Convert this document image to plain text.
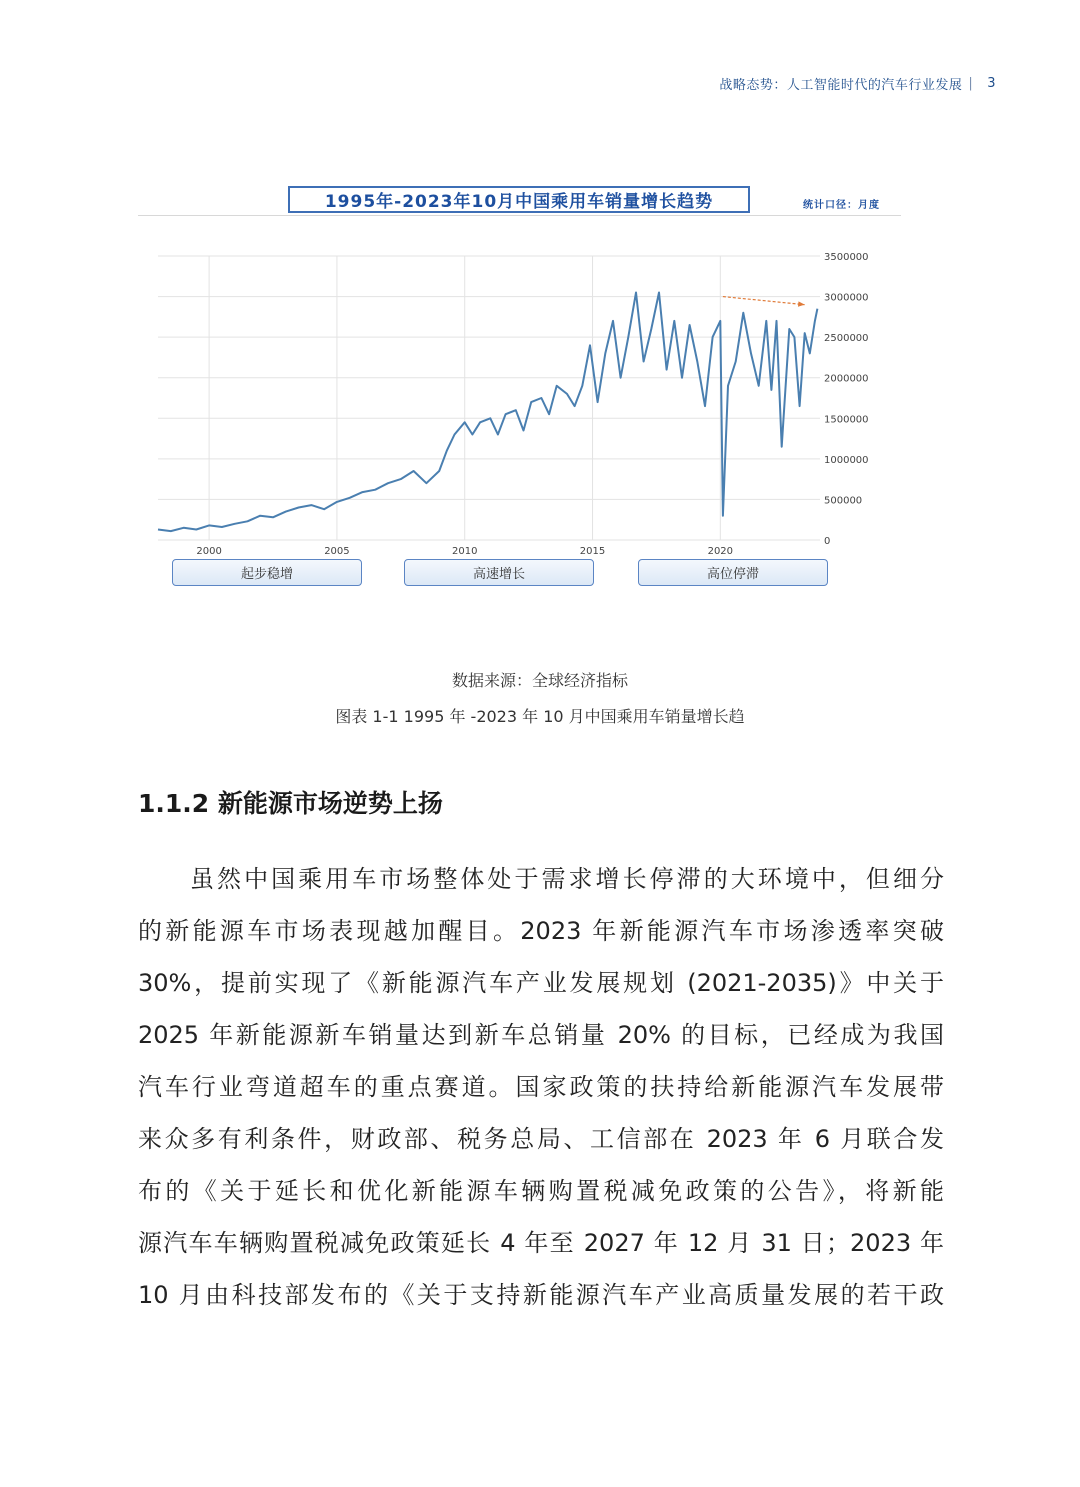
战略态势：人工智能时代的汽车行业发展 | 3
1995年-2023年10月中国乘用车销量增长趋势	统计口径：月度
3500000
3000000
2500000
2000000
1500000
1000000
500000
0
2000	2005	2010	2015	2020
起步稳增	高速增长	高位停滞
数据来源：全球经济指标
图表 1-1 1995 年 -2023 年 10 月中国乘用车销量增长趋
1.1.2 新能源市场逆势上扬
虽然中国乘用车市场整体处于需求增长停滞的大环境中，但细分
的新能源车市场表现越加醒目。2023 年新能源汽车市场渗透率突破
30%，提前实现了《新能源汽车产业发展规划 (2021-2035)》中关于
2025 年新能源新车销量达到新车总销量 20% 的目标，已经成为我国
汽车行业弯道超车的重点赛道。国家政策的扶持给新能源汽车发展带
来众多有利条件，财政部、税务总局、工信部在 2023 年 6 月联合发
布的《关于延长和优化新能源车辆购置税减免政策的公告》，将新能
源汽车车辆购置税减免政策延长 4 年至 2027 年 12 月 31 日；2023 年
10 月由科技部发布的《关于支持新能源汽车产业高质量发展的若干政
